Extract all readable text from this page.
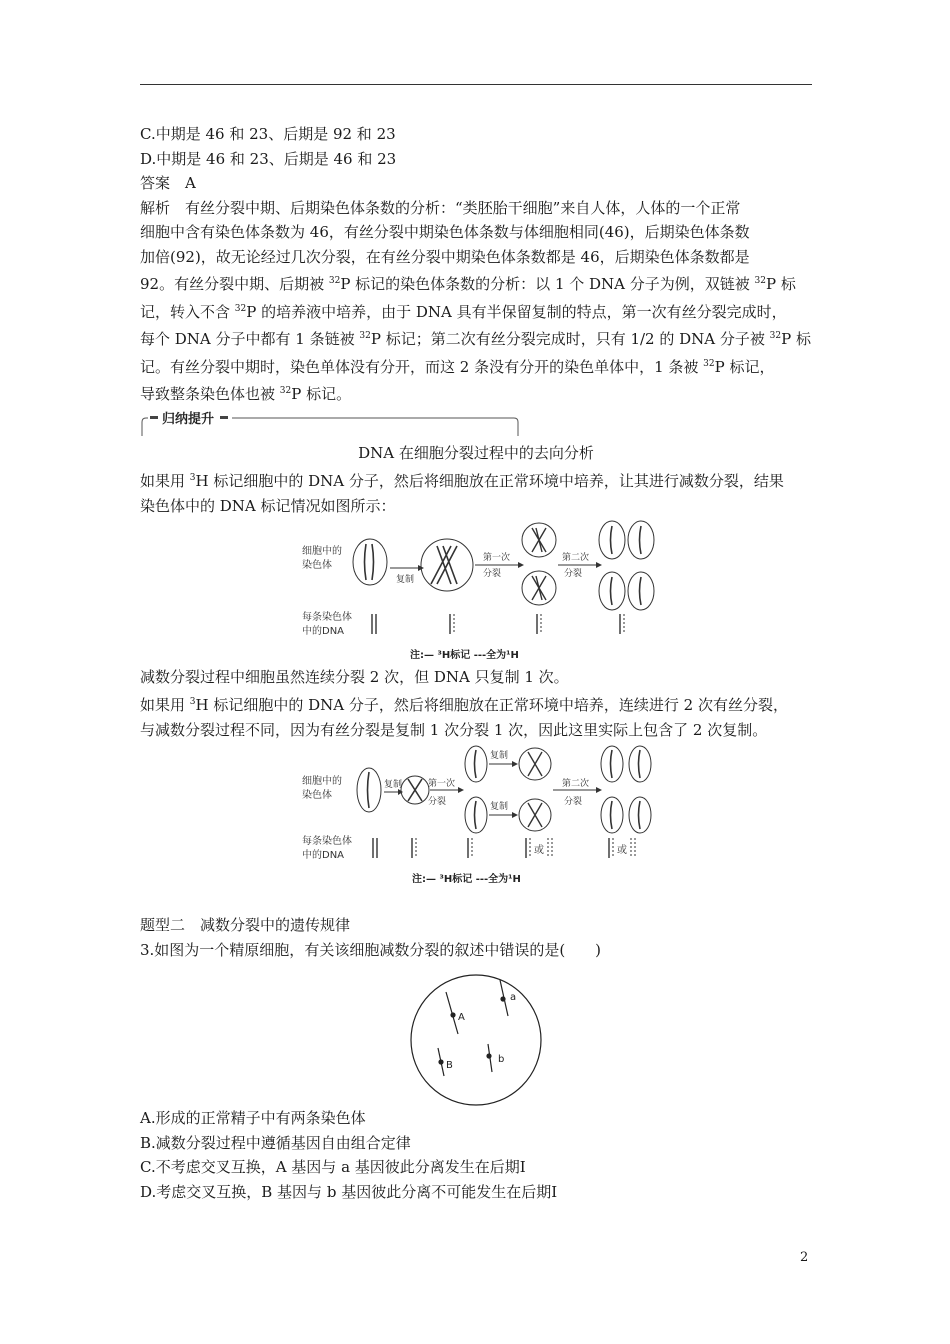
C.中期是 46 和 23、后期是 92 和 23
D.中期是 46 和 23、后期是 46 和 23
答案　A
解析　有丝分裂中期、后期染色体条数的分析：“类胚胎干细胞”来自人体，人体的一个正常
细胞中含有染色体条数为 46，有丝分裂中期染色体条数与体细胞相同(46)，后期染色体条数
加倍(92)，故无论经过几次分裂，在有丝分裂中期染色体条数都是 46，后期染色体条数都是
92。有丝分裂中期、后期被 $^{32}$P 标记的染色体条数的分析：以 1 个 DNA 分子为例，双链被 $^{32}$P 标
记，转入不含 $^{32}$P 的培养液中培养，由于 DNA 具有半保留复制的特点，第一次有丝分裂完成时，
每个 DNA 分子中都有 1 条链被 $^{32}$P 标记；第二次有丝分裂完成时，只有 1/2 的 DNA 分子被 $^{32}$P 标
记。有丝分裂中期时，染色单体没有分开，而这 2 条没有分开的染色单体中，1 条被 $^{32}$P 标记，
导致整条染色体也被 $^{32}$P 标记。
归纳提升
DNA 在细胞分裂过程中的去向分析
如果用 $^3$H 标记细胞中的 DNA 分子，然后将细胞放在正常环境中培养，让其进行减数分裂，结果
染色体中的 DNA 标记情况如图所示：
细胞中的
染色体
每条染色体
中的DNA
复制
第一次
分裂
第二次
分裂
注:— ³H标记 ---全为¹H
减数分裂过程中细胞虽然连续分裂 2 次，但 DNA 只复制 1 次。
如果用 $^3$H 标记细胞中的 DNA 分子，然后将细胞放在正常环境中培养，连续进行 2 次有丝分裂，
与减数分裂过程不同，因为有丝分裂是复制 1 次分裂 1 次，因此这里实际上包含了 2 次复制。
细胞中的
染色体
每条染色体
中的DNA
复制	第一次
分裂
复制
复制
第二次
分裂
或	或
注:— ³H标记 ---全为¹H
题型二　减数分裂中的遗传规律
3.如图为一个精原细胞，有关该细胞减数分裂的叙述中错误的是(　　)
A
a
B
b
A.形成的正常精子中有两条染色体
B.减数分裂过程中遵循基因自由组合定律
C.不考虑交叉互换，A 基因与 a 基因彼此分离发生在后期Ⅰ
D.考虑交叉互换，B 基因与 b 基因彼此分离不可能发生在后期Ⅰ
2
